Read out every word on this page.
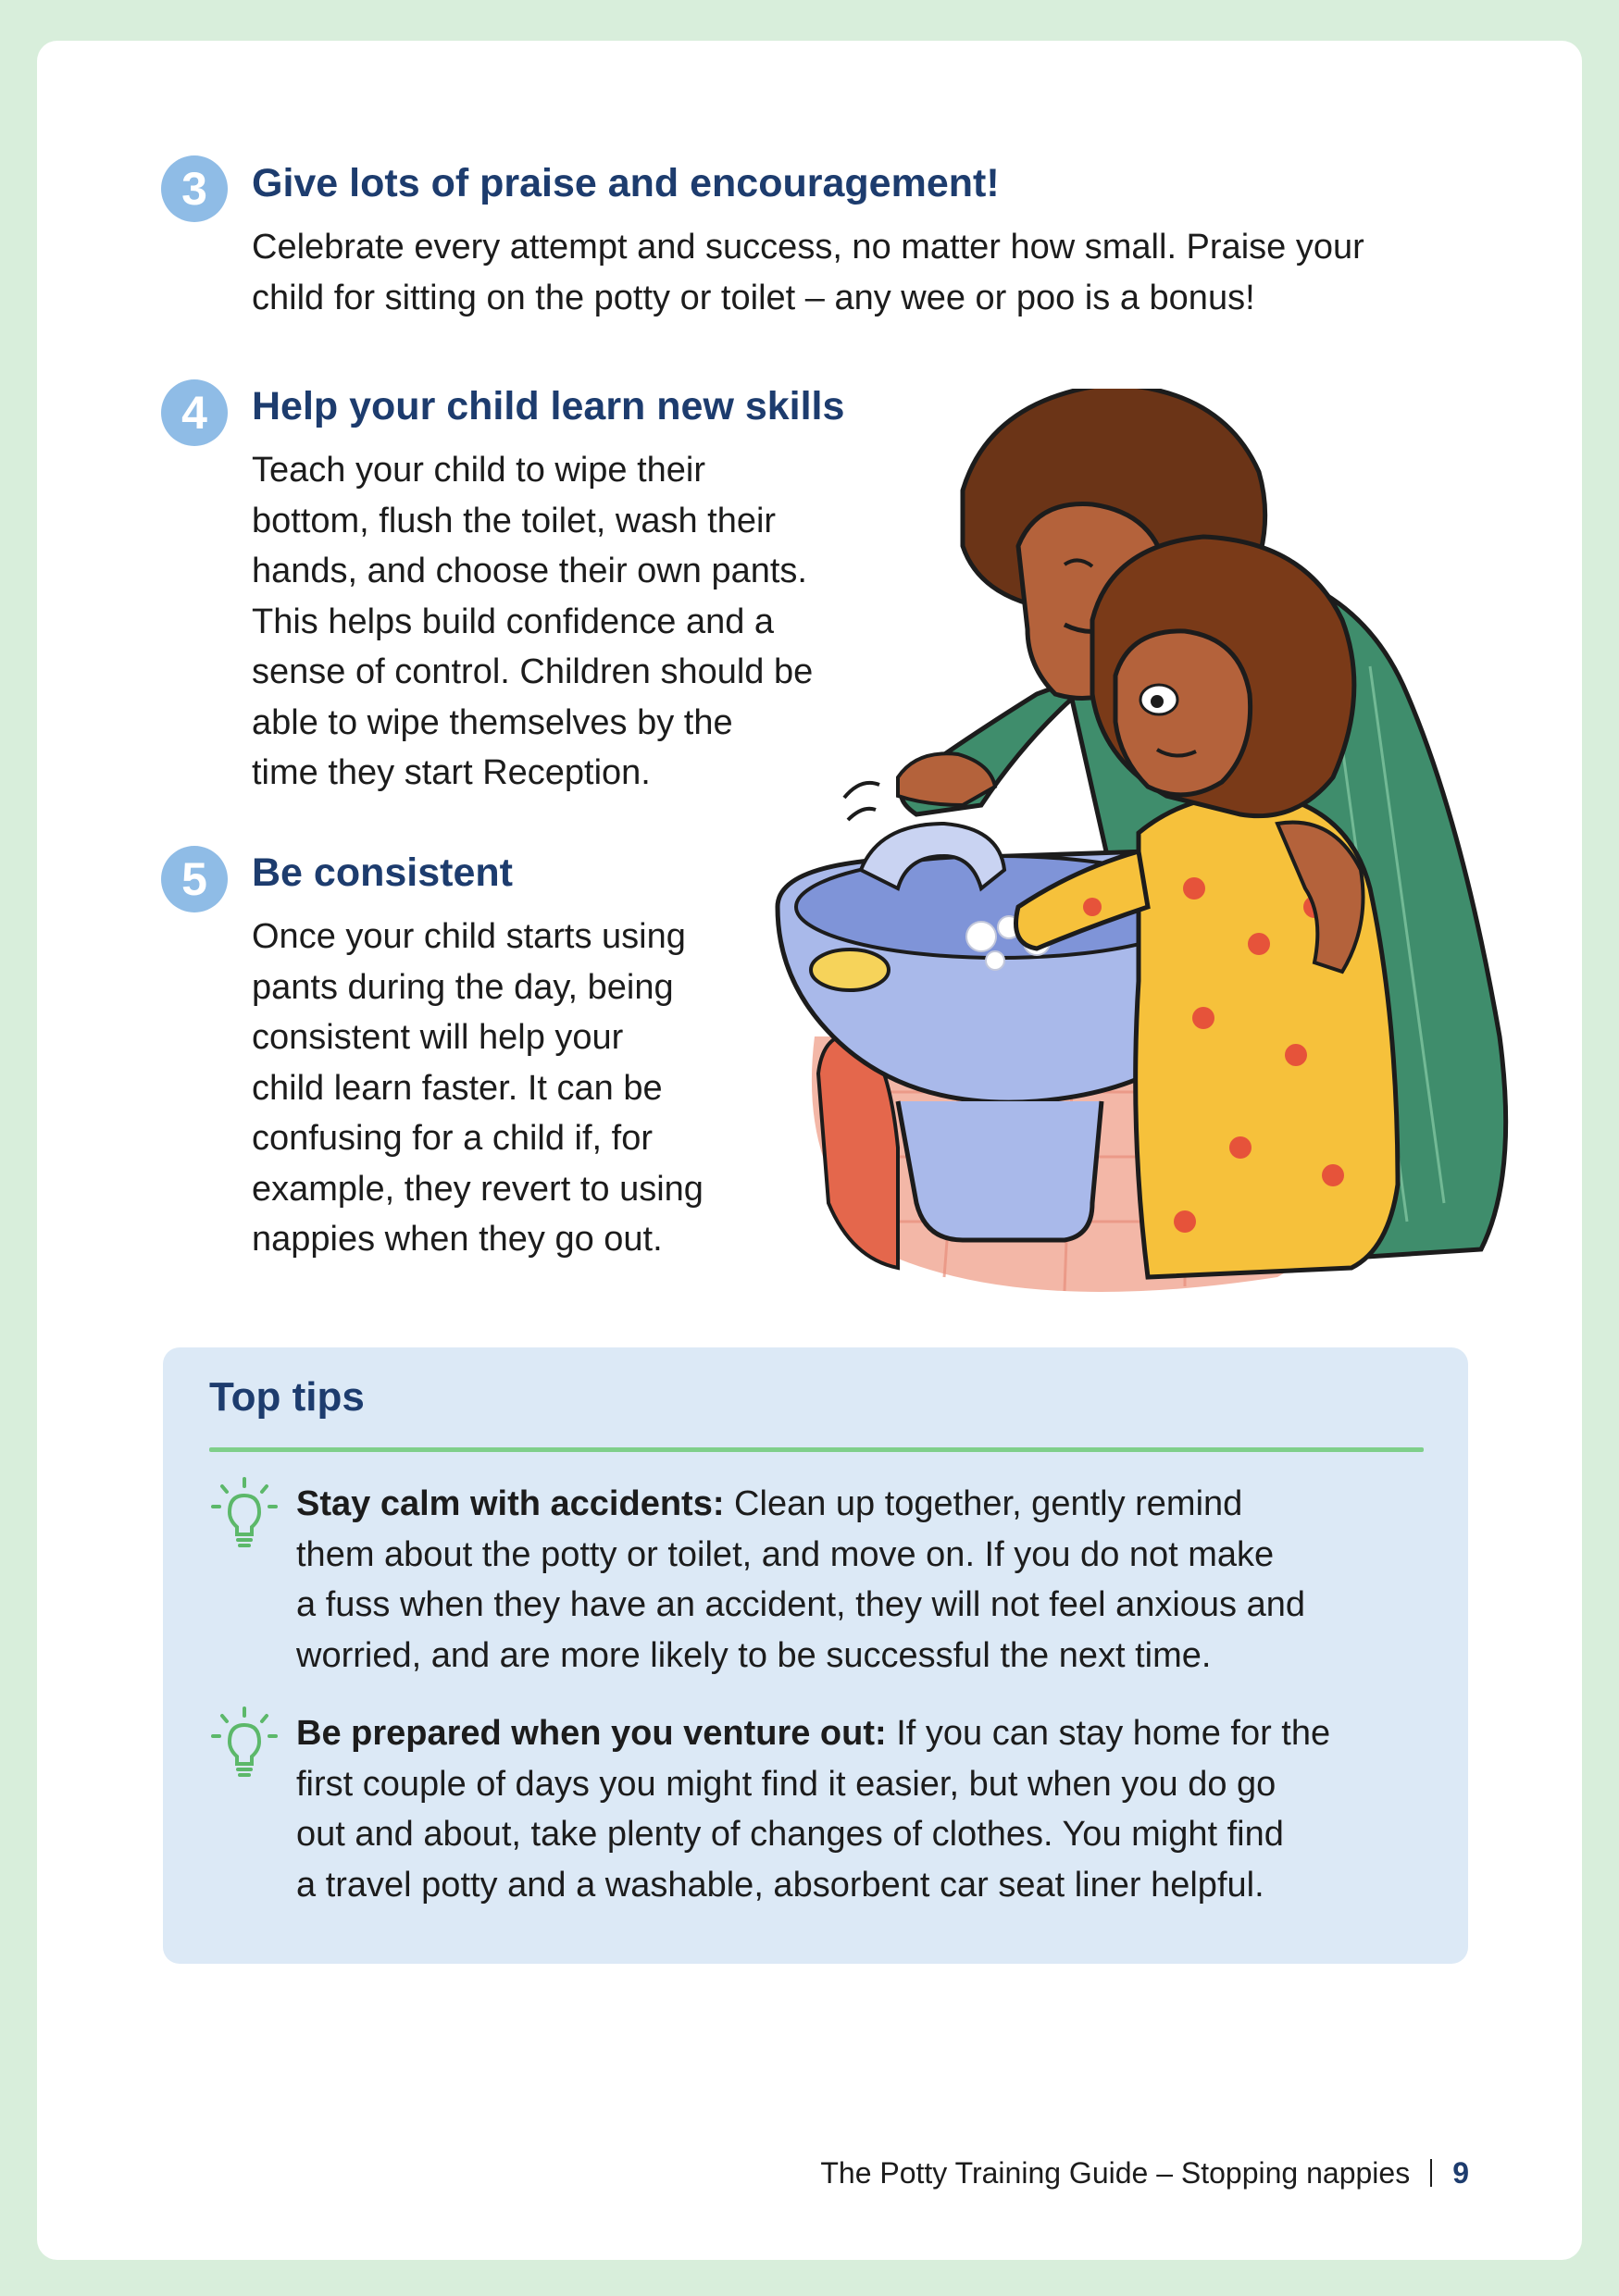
3	Give lots of praise and encouragement!
Celebrate every attempt and success, no matter how small. Praise your
child for sitting on the potty or toilet – any wee or poo is a bonus!
4	Help your child learn new skills
Teach your child to wipe their
bottom, flush the toilet, wash their
hands, and choose their own pants.
This helps build confidence and a
sense of control. Children should be
able to wipe themselves by the
time they start Reception.
5	Be consistent
Once your child starts using
pants during the day, being
consistent will help your
child learn faster. It can be
confusing for a child if, for
example, they revert to using
nappies when they go out.
Top tips
Stay calm with accidents: Clean up together, gently remind
them about the potty or toilet, and move on. If you do not make
a fuss when they have an accident, they will not feel anxious and
worried, and are more likely to be successful the next time.
Be prepared when you venture out: If you can stay home for the
first couple of days you might find it easier, but when you do go
out and about, take plenty of changes of clothes. You might find
a travel potty and a washable, absorbent car seat liner helpful.
The Potty Training Guide – Stopping nappies 9
